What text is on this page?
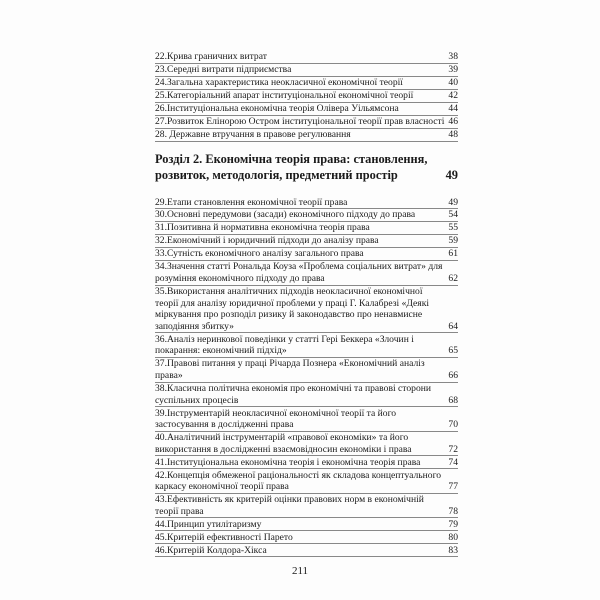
22.Крива граничних витрат	38
23.Середні витрати підприємства	39
24.Загальна характеристика неокласичної економічної теорії	40
25.Категоріальний апарат інституціональної економічної теорії	42
26.Інституціональна економічна теорія Олівера Уільямсона	44
27.Розвиток Елінорою Остром інституціональної теорії прав власності 46
28. Державне втручання в правове регулювання	48
Розділ 2. Економічна теорія права: становлення,
розвиток, методологія, предметний простір	49
29.Етапи становлення економічної теорії права	49
30.Основні передумови (засади) економічного підходу до права	54
31.Позитивна й нормативна економічна теорія права	55
32.Економічний і юридичний підходи до аналізу права	59
33.Сутність економічного аналізу загального права	61
34.Значення статті Рональда Коуза «Проблема соціальних витрат» для розуміння економічного підходу до права	62
35.Використання аналітичних підходів неокласичної економічної теорії для аналізу юридичної проблеми у праці Г. Калабрезі «Деякі міркування про розподіл ризику й законодавство про ненавмисне заподіяння збитку»	64
36.Аналіз неринкової поведінки у статті Гері Беккера «Злочин і покарання: економічний підхід»	65
37.Правові питання у праці Річарда Познера «Економічний аналіз права»	66
38.Класична політична економія про економічні та правові сторони суспільних процесів	68
39.Інструментарій неокласичної економічної теорії та його застосування в дослідженні права	70
40.Аналітичний інструментарій «правової економіки» та його використання в дослідженні взаємовідносин економіки і права	72
41.Інституціональна економічна теорія і економічна теорія права	74
42.Концепція обмеженої раціональності як складова концептуального каркасу економічної теорії права	77
43.Ефективність як критерій оцінки правових норм в економічній теорії права	78
44.Принцип утилітаризму	79
45.Критерій ефективності Парето	80
46.Критерій Колдора-Хікса	83
211
